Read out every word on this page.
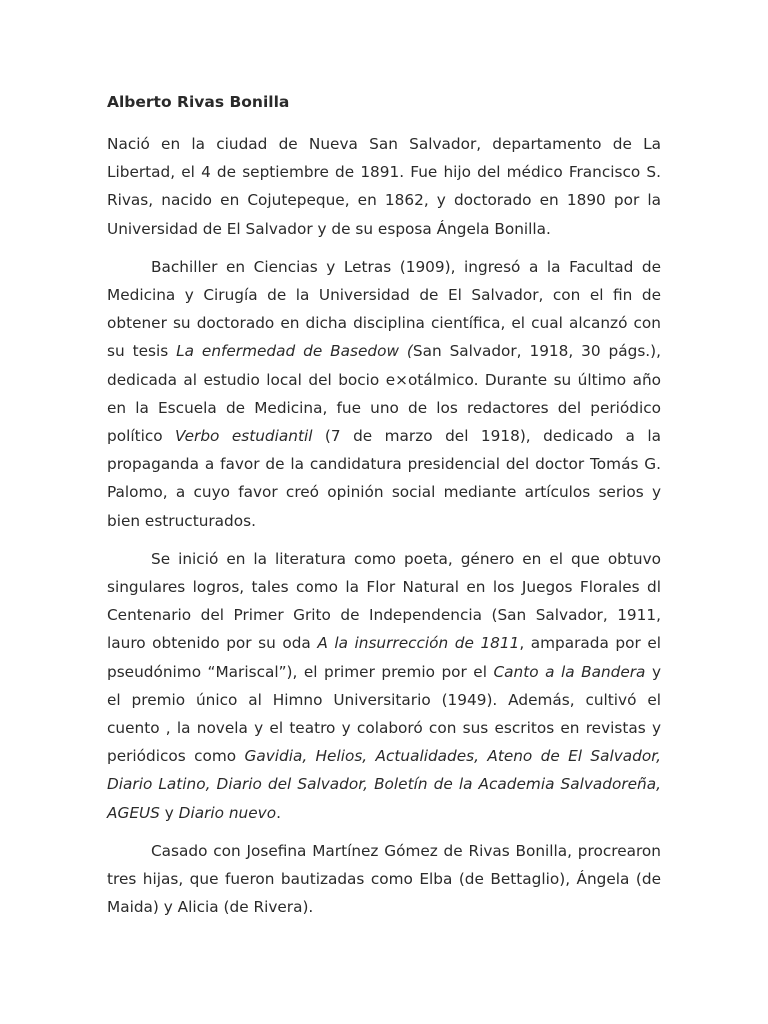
Alberto Rivas Bonilla

Nació en la ciudad de Nueva San Salvador, departamento de La Libertad, el 4 de septiembre de 1891. Fue hijo del médico Francisco S. Rivas, nacido en Cojutepeque, en 1862, y doctorado en 1890 por la Universidad de El Salvador y de su esposa Ángela Bonilla.

Bachiller en Ciencias y Letras (1909), ingresó a la Facultad de Medicina y Cirugía de la Universidad de El Salvador, con el fin de obtener su doctorado en dicha disciplina científica, el cual alcanzó con su tesis La enfermedad de Basedow (San Salvador, 1918, 30 págs.), dedicada al estudio local del bocio e×otálmico. Durante su último año en la Escuela de Medicina, fue uno de los redactores del periódico político Verbo estudiantil (7 de marzo del 1918), dedicado a la propaganda a favor de la candidatura presidencial del doctor Tomás G. Palomo, a cuyo favor creó opinión social mediante artículos serios y bien estructurados.

Se inició en la literatura como poeta, género en el que obtuvo singulares logros, tales como la Flor Natural en los Juegos Florales dl Centenario del Primer Grito de Independencia (San Salvador, 1911, lauro obtenido por su oda A la insurrección de 1811, amparada por el pseudónimo “Mariscal”), el primer premio por el Canto a la Bandera y el premio único al Himno Universitario (1949). Además, cultivó el cuento , la novela y el teatro y colaboró con sus escritos en revistas y periódicos como Gavidia, Helios, Actualidades, Ateno de El Salvador, Diario Latino, Diario del Salvador, Boletín de la Academia Salvadoreña, AGEUS y Diario nuevo.

Casado con Josefina Martínez Gómez de Rivas Bonilla, procrearon tres hijas, que fueron bautizadas como Elba (de Bettaglio), Ángela (de Maida) y Alicia (de Rivera).
